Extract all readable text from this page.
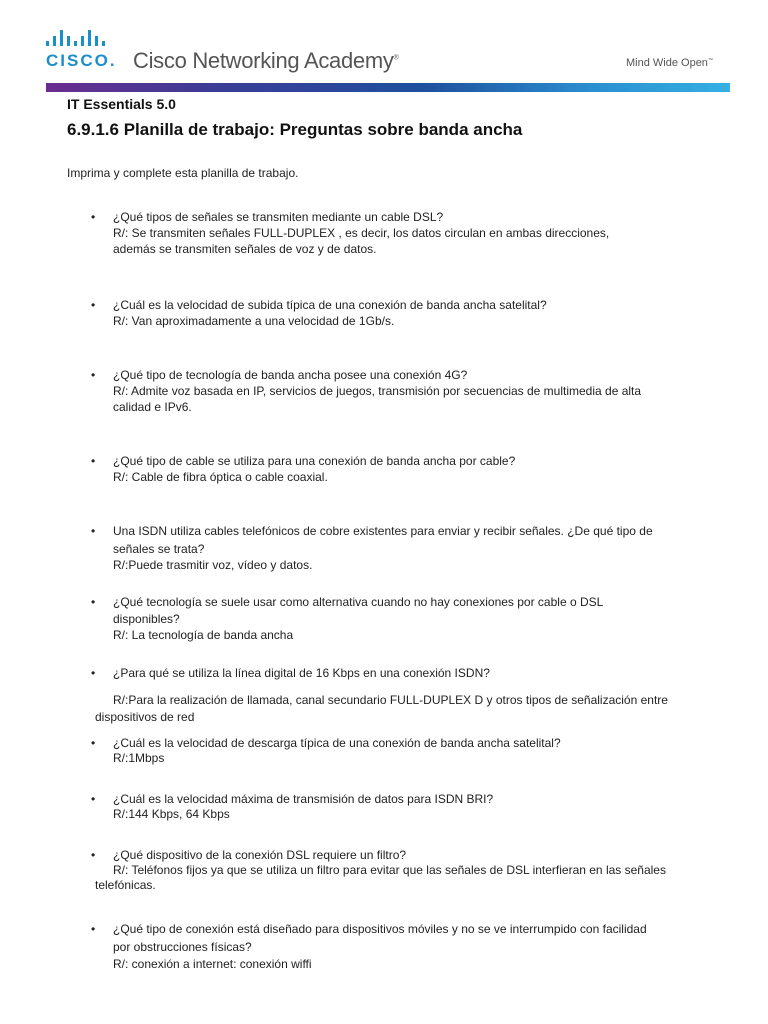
CISCO. Cisco Networking Academy®	Mind Wide Open™
IT Essentials 5.0
6.9.1.6 Planilla de trabajo: Preguntas sobre banda ancha
Imprima y complete esta planilla de trabajo.
• ¿Qué tipos de señales se transmiten mediante un cable DSL?
R/: Se transmiten señales FULL-DUPLEX , es decir, los datos circulan en ambas direcciones,
además se transmiten señales de voz y de datos.
• ¿Cuál es la velocidad de subida típica de una conexión de banda ancha satelital?
R/: Van aproximadamente a una velocidad de 1Gb/s.
• ¿Qué tipo de tecnología de banda ancha posee una conexión 4G?
R/: Admite voz basada en IP, servicios de juegos, transmisión por secuencias de multimedia de alta
calidad e IPv6.
• ¿Qué tipo de cable se utiliza para una conexión de banda ancha por cable?
R/: Cable de fibra óptica o cable coaxial.
• Una ISDN utiliza cables telefónicos de cobre existentes para enviar y recibir señales. ¿De qué tipo de
señales se trata?
R/:Puede trasmitir voz, vídeo y datos.
• ¿Qué tecnología se suele usar como alternativa cuando no hay conexiones por cable o DSL
disponibles?
R/: La tecnología de banda ancha
• ¿Para qué se utiliza la línea digital de 16 Kbps en una conexión ISDN?
R/:Para la realización de llamada, canal secundario FULL-DUPLEX D y otros tipos de señalización entre
dispositivos de red
• ¿Cuál es la velocidad de descarga típica de una conexión de banda ancha satelital?
R/:1Mbps
• ¿Cuál es la velocidad máxima de transmisión de datos para ISDN BRI?
R/:144 Kbps, 64 Kbps
• ¿Qué dispositivo de la conexión DSL requiere un filtro?
R/: Teléfonos fijos ya que se utiliza un filtro para evitar que las señales de DSL interfieran en las señales
telefónicas.
• ¿Qué tipo de conexión está diseñado para dispositivos móviles y no se ve interrumpido con facilidad
por obstrucciones físicas?
R/: conexión a internet: conexión wiffi
